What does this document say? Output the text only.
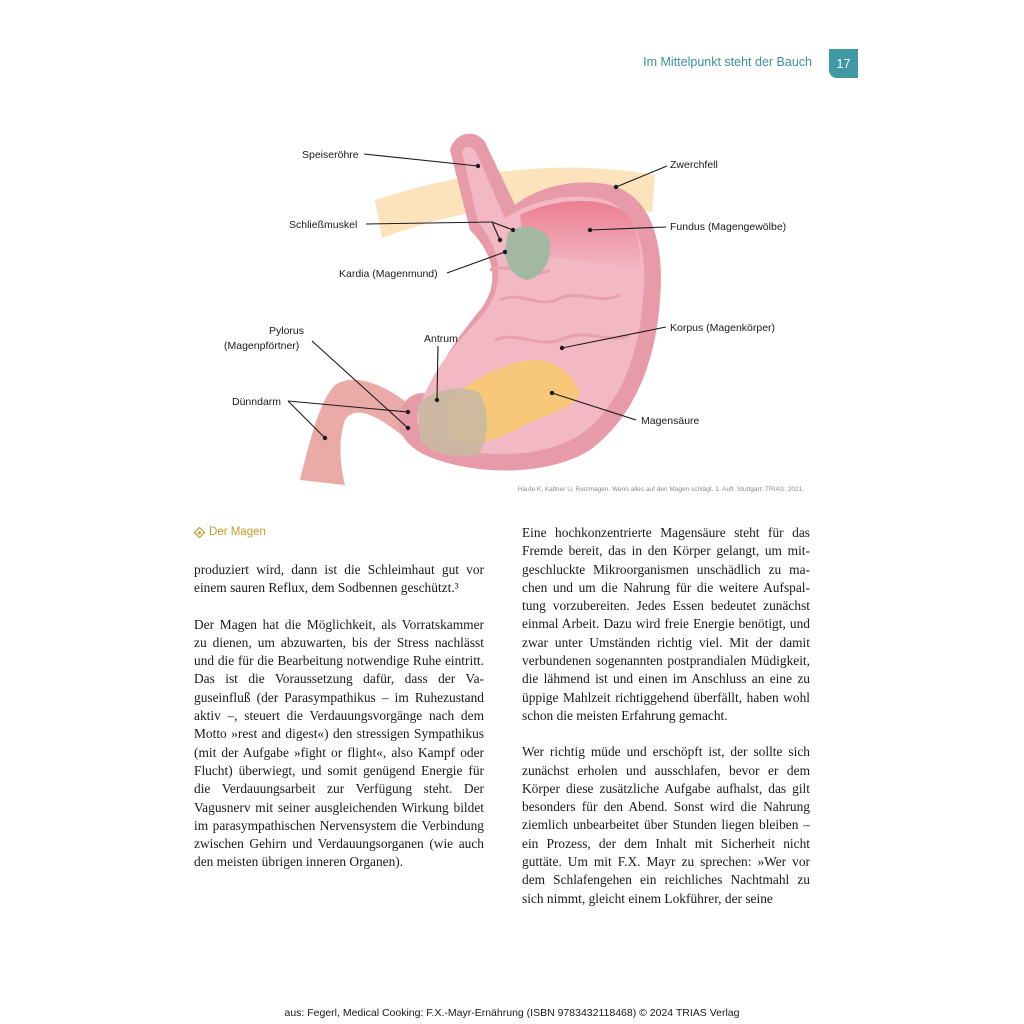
Im Mittelpunkt steht der Bauch	17
Speiseröhre
Schließmuskel
Kardia (Magenmund)
Pylorus
(Magenpförtner)
Antrum
Dünndarm
Zwerchfell
Fundus (Magengewölbe)
Korpus (Magenkörper)
Magensäure
Haufe K, Kaltner U. Reizmagen. Wenn alles auf den Magen schlägt. 1. Aufl. Stuttgart: TRIAS; 2021.
Der Magen

produziert wird, dann ist die Schleimhaut gut vor einem sauren Reflux, dem Sodbennen geschützt.³

Der Magen hat die Möglichkeit, als Vorratskammer zu dienen, um abzuwarten, bis der Stress nachlässt und die für die Bearbeitung notwendige Ruhe eintritt. Das ist die Voraussetzung dafür, dass der Vaguseinfluß (der Parasympathikus – im Ruhezustand aktiv –, steuert die Verdauungsvorgänge nach dem Motto »rest and digest«) den stressigen Sympathikus (mit der Aufgabe »fight or flight«, also Kampf oder Flucht) überwiegt, und somit genügend Energie für die Verdauungsarbeit zur Verfügung steht. Der Vagusnerv mit seiner ausgleichenden Wirkung bildet im parasympathischen Nervensystem die Verbindung zwischen Gehirn und Verdauungsorganen (wie auch den meisten übrigen inneren Organen).

Eine hochkonzentrierte Magensäure steht für das Fremde bereit, das in den Körper gelangt, um mitgeschluckte Mikroorganismen unschädlich zu machen und um die Nahrung für die weitere Aufspaltung vorzubereiten. Jedes Essen bedeutet zunächst einmal Arbeit. Dazu wird freie Energie benötigt, und zwar unter Umständen richtig viel. Mit der damit verbundenen sogenannten postprandialen Müdigkeit, die lähmend ist und einen im Anschluss an eine zu üppige Mahlzeit richtiggehend überfällt, haben wohl schon die meisten Erfahrung gemacht.

Wer richtig müde und erschöpft ist, der sollte sich zunächst erholen und ausschlafen, bevor er dem Körper diese zusätzliche Aufgabe aufhalst, das gilt besonders für den Abend. Sonst wird die Nahrung ziemlich unbearbeitet über Stunden liegen bleiben – ein Prozess, der dem Inhalt mit Sicherheit nicht guttäte. Um mit F.X. Mayr zu sprechen: »Wer vor dem Schlafengehen ein reichliches Nachtmahl zu sich nimmt, gleicht einem Lokführer, der seine

aus: Fegerl, Medical Cooking: F.X.-Mayr-Ernährung (ISBN 9783432118468) © 2024 TRIAS Verlag
